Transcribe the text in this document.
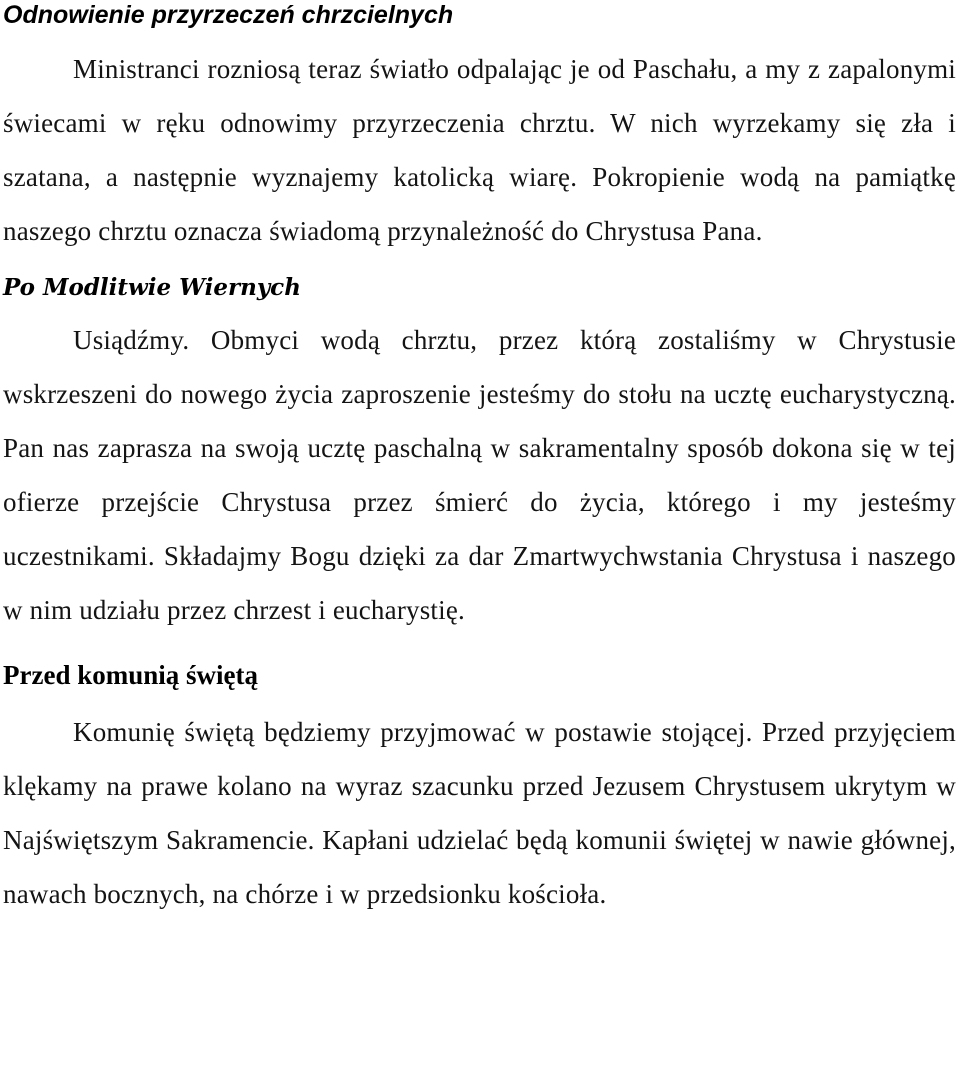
Odnowienie przyrzeczeń chrzcielnych

Ministranci rozniosą teraz światło odpalając je od Paschału, a my z zapalonymi świecami w ręku odnowimy przyrzeczenia chrztu. W nich wyrzekamy się zła i szatana, a następnie wyznajemy katolicką wiarę. Pokropienie wodą na pamiątkę naszego chrztu oznacza świadomą przynależność do Chrystusa Pana.

Po Modlitwie Wiernych

Usiądźmy. Obmyci wodą chrztu, przez którą zostaliśmy w Chrystusie wskrzeszeni do nowego życia zaproszenie jesteśmy do stołu na ucztę eucharystyczną. Pan nas zaprasza na swoją ucztę paschalną w sakramentalny sposób dokona się w tej ofierze przejście Chrystusa przez śmierć do życia, którego i my jesteśmy uczestnikami. Składajmy Bogu dzięki za dar Zmartwychwstania Chrystusa i naszego w nim udziału przez chrzest i eucharystię.

Przed komunią świętą

Komunię świętą będziemy przyjmować w postawie stojącej. Przed przyjęciem klękamy na prawe kolano na wyraz szacunku przed Jezusem Chrystusem ukrytym w Najświętszym Sakramencie. Kapłani udzielać będą komunii świętej w nawie głównej, nawach bocznych, na chórze i w przedsionku kościoła.
